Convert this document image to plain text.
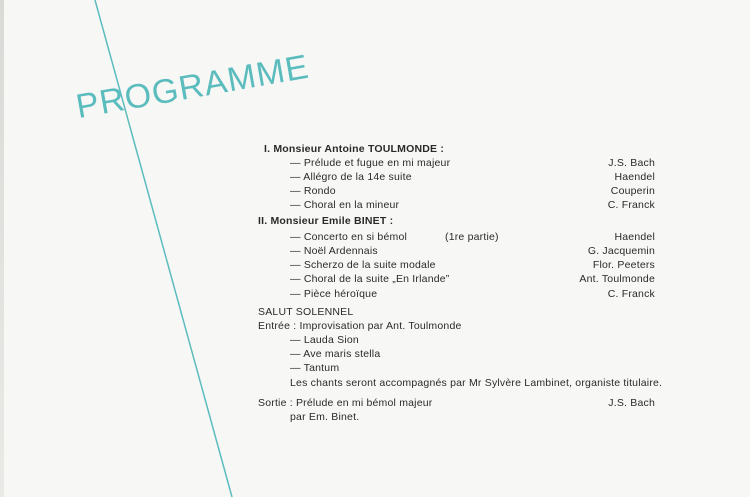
PROGRAMME
I. Monsieur Antoine TOULMONDE :
— Prélude et fugue en mi majeur	J.S. Bach
— Allégro de la 14e suite	Haendel
— Rondo	Couperin
— Choral en la mineur	C. Franck
II. Monsieur Emile BINET :
— Concerto en si bémol	(1re partie)	Haendel
— Noël Ardennais	G. Jacquemin
— Scherzo de la suite modale	Flor. Peeters
— Choral de la suite „En Irlande”	Ant. Toulmonde
— Pièce héroïque	C. Franck
SALUT SOLENNEL
Entrée : Improvisation par Ant. Toulmonde
— Lauda Sion
— Ave maris stella
— Tantum
Les chants seront accompagnés par Mr Sylvère Lambinet, organiste titulaire.
Sortie : Prélude en mi bémol majeur	J.S. Bach
par Em. Binet.
